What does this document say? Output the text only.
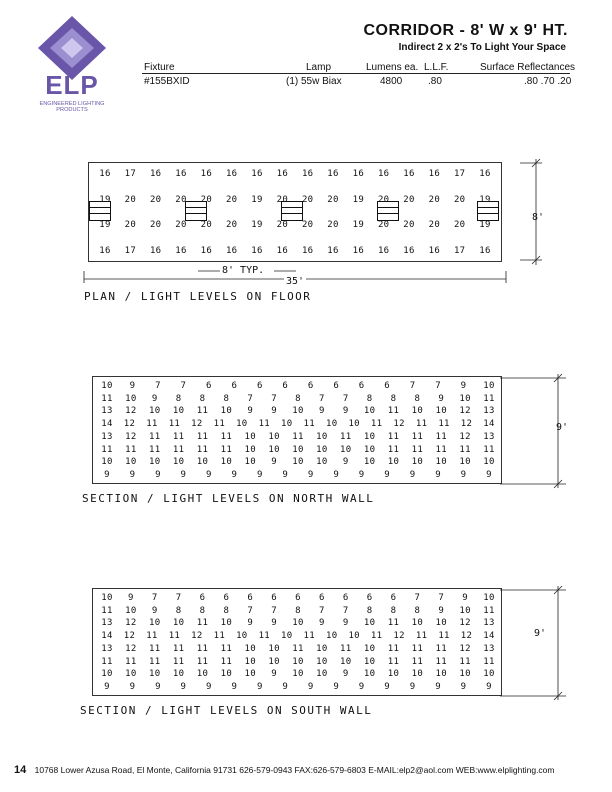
ELP
ENGINEERED LIGHTING
PRODUCTS
CORRIDOR - 8' W x 9' HT.
Indirect 2 x 2's To Light Your Space
Fixture	Lamp	Lumens ea. L.L.F.	Surface Reflectances
#155BXID	(1) 55w Biax	4800	.80	.80 .70 .20
16	17	16	16	16	16	16	16	16	16	16	16	16	16	17	16
19	20	20	20	20	20	19	20	20	20	19	20	20	20	20	19
19	20	20	20	20	20	19	20	20	20	19	20	20	20	20	19
16	17	16	16	16	16	16	16	16	16	16	16	16	16	17	16
8'
8' TYP.
35'
PLAN / LIGHT LEVELS ON FLOOR
10	9	7	7	6	6	6	6	6	6	6	6	7	7	9	10
11	10	9	8	8	8	7	7	8	7	7	8	8	8	9	10	11
13	12	10	10	11	10	9	9	10	9	9	10	11	10	10	12	13
14	12	11	11	12	11	10	11	10	11	10	10	11	12	11	11	12	14
13	12	11	11	11	11	10	10	11	10	11	10	11	11	11	12	13
11	11	11	11	11	11	10	10	10	10	10	10	11	11	11	11	11
10	10	10	10	10	10	10	9	10	10	9	10	10	10	10	10	10
9	9	9	9	9	9	9	9	9	9	9	9	9	9	9	9
9'
SECTION / LIGHT LEVELS ON NORTH WALL
10	9	7	7	6	6	6	6	6	6	6	6	6	7	7	9	10
11	10	9	8	8	8	7	7	8	7	7	8	8	8	9	10	11
13	12	10	10	11	10	9	9	10	9	9	10	11	10	10	12	13
14	12	11	11	12	11	10	11	10	11	10	10	11	12	11	11	12	14
13	12	11	11	11	11	10	10	11	10	11	10	11	11	11	12	13
11	11	11	11	11	11	10	10	10	10	10	10	11	11	11	11	11
10	10	10	10	10	10	10	9	10	10	9	10	10	10	10	10	10
9	9	9	9	9	9	9	9	9	9	9	9	9	9	9	9
9'
SECTION / LIGHT LEVELS ON SOUTH WALL
14 10768 Lower Azusa Road, El Monte, California 91731 626-579-0943 FAX:626-579-6803 E-MAIL:elp2@aol.com WEB:www.elplighting.com
